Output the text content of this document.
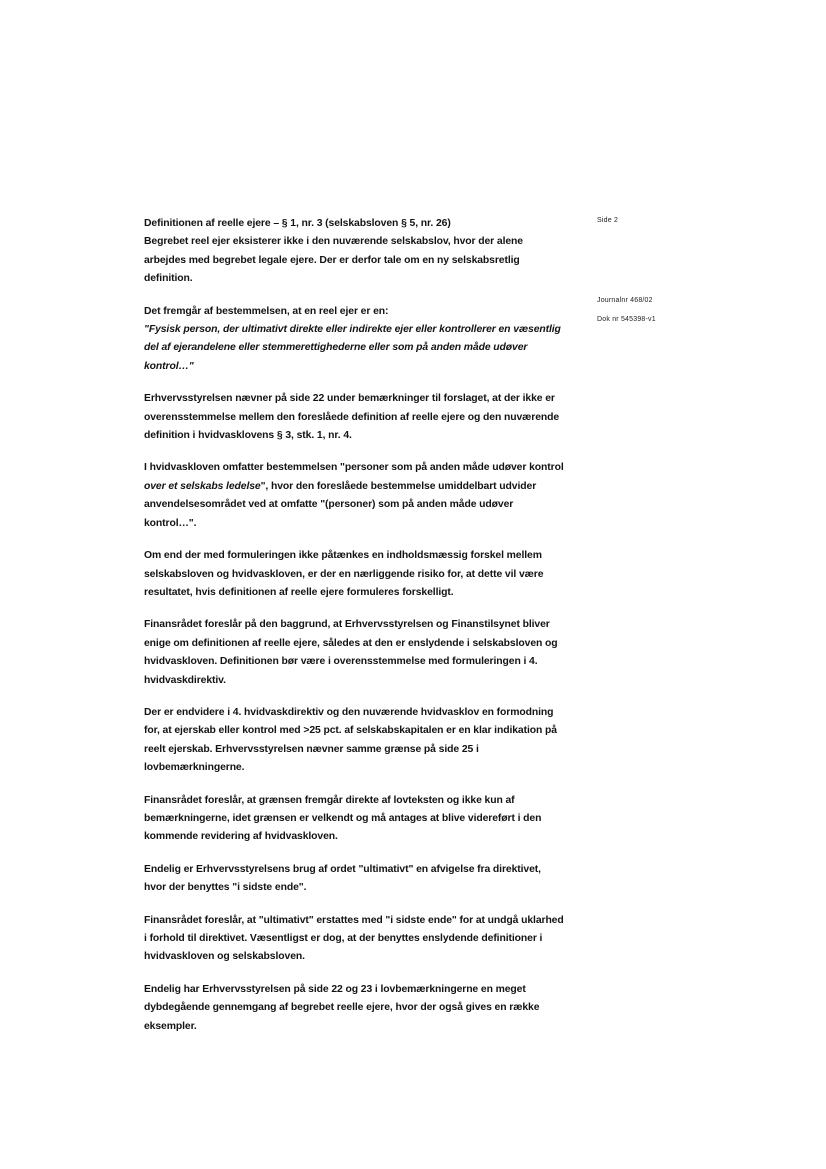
Side 2
Journalnr 468/02
Dok nr 545398-v1

Definitionen af reelle ejere – § 1, nr. 3 (selskabsloven § 5, nr. 26)

Begrebet reel ejer eksisterer ikke i den nuværende selskabslov, hvor der alene arbejdes med begrebet legale ejere. Der er derfor tale om en ny selskabsretlig definition.

Det fremgår af bestemmelsen, at en reel ejer er en:

"Fysisk person, der ultimativt direkte eller indirekte ejer eller kontrollerer en væsentlig del af ejerandelene eller stemmerettighederne eller som på anden måde udøver kontrol…"

Erhvervsstyrelsen nævner på side 22 under bemærkninger til forslaget, at der ikke er overensstemmelse mellem den foreslåede definition af reelle ejere og den nuværende definition i hvidvasklovens § 3, stk. 1, nr. 4.

I hvidvaskloven omfatter bestemmelsen "personer som på anden måde udøver kontrol over et selskabs ledelse", hvor den foreslåede bestemmelse umiddelbart udvider anvendelsesområdet ved at omfatte "(personer) som på anden måde udøver kontrol…".

Om end der med formuleringen ikke påtænkes en indholdsmæssig forskel mellem selskabsloven og hvidvaskloven, er der en nærliggende risiko for, at dette vil være resultatet, hvis definitionen af reelle ejere formuleres forskelligt.

Finansrådet foreslår på den baggrund, at Erhvervsstyrelsen og Finanstilsynet bliver enige om definitionen af reelle ejere, således at den er enslydende i selskabsloven og hvidvaskloven. Definitionen bør være i overensstemmelse med formuleringen i 4. hvidvaskdirektiv.

Der er endvidere i 4. hvidvaskdirektiv og den nuværende hvidvasklov en formodning for, at ejerskab eller kontrol med >25 pct. af selskabskapitalen er en klar indikation på reelt ejerskab. Erhvervsstyrelsen nævner samme grænse på side 25 i lovbemærkningerne.

Finansrådet foreslår, at grænsen fremgår direkte af lovteksten og ikke kun af bemærkningerne, idet grænsen er velkendt og må antages at blive videreført i den kommende revidering af hvidvaskloven.

Endelig er Erhvervsstyrelsens brug af ordet "ultimativt" en afvigelse fra direktivet, hvor der benyttes "i sidste ende".

Finansrådet foreslår, at "ultimativt" erstattes med "i sidste ende" for at undgå uklarhed i forhold til direktivet. Væsentligst er dog, at der benyttes enslydende definitioner i hvidvaskloven og selskabsloven.

Endelig har Erhvervsstyrelsen på side 22 og 23 i lovbemærkningerne en meget dybdegående gennemgang af begrebet reelle ejere, hvor der også gives en række eksempler.
